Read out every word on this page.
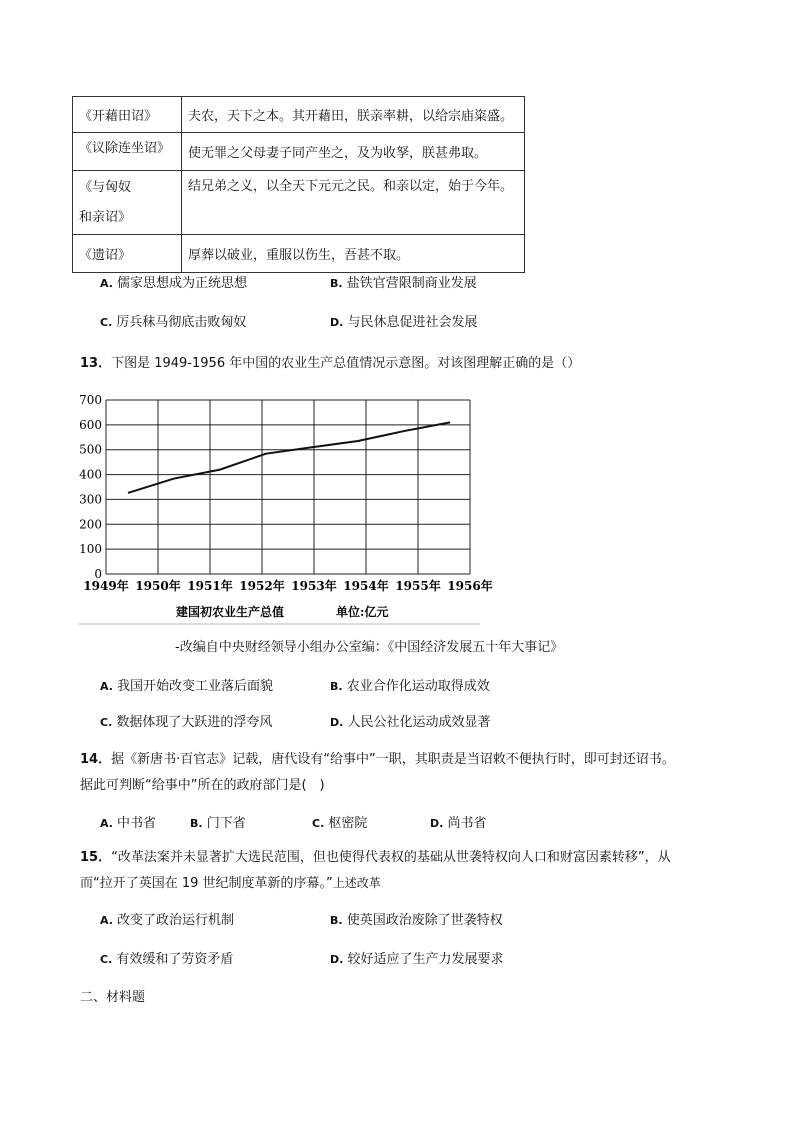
《开藉田诏》	夫农，天下之本。其开藉田，朕亲率耕，以给宗庙粢盛。
《议除连坐诏》	使无罪之父母妻子同产坐之，及为收孥，朕甚弗取。

《与匈奴
和亲诏》	结兄弟之义，以全天下元元之民。和亲以定，始于今年。
《遗诏》	厚葬以破业，重服以伤生，吾甚不取。
A. 儒家思想成为正统思想	B. 盐铁官营限制商业发展
C. 厉兵秣马彻底击败匈奴	D. 与民休息促进社会发展
13．下图是 1949-1956 年中国的农业生产总值情况示意图。对该图理解正确的是（）
0
100
200
300
400
500
600
700
1949年 1950年 1951年 1952年 1953年 1954年 1955年 1956年
建国初农业生产总值	单位:亿元
-改编自中央财经领导小组办公室编：《中国经济发展五十年大事记》
A. 我国开始改变工业落后面貌	B. 农业合作化运动取得成效
C. 数据体现了大跃进的浮夸风	D. 人民公社化运动成效显著
14．据《新唐书·百官志》记载，唐代设有“给事中”一职，其职责是当诏敕不便执行时，即可封还诏书。
据此可判断“给事中”所在的政府部门是(　)
A. 中书省	B. 门下省	C. 枢密院	D. 尚书省
15．“改革法案并未显著扩大选民范围，但也使得代表权的基础从世袭特权向人口和财富因素转移”，从
而“拉开了英国在 19 世纪制度革新的序幕。”上述改革
A. 改变了政治运行机制	B. 使英国政治废除了世袭特权
C. 有效缓和了劳资矛盾	D. 较好适应了生产力发展要求
二、材料题
